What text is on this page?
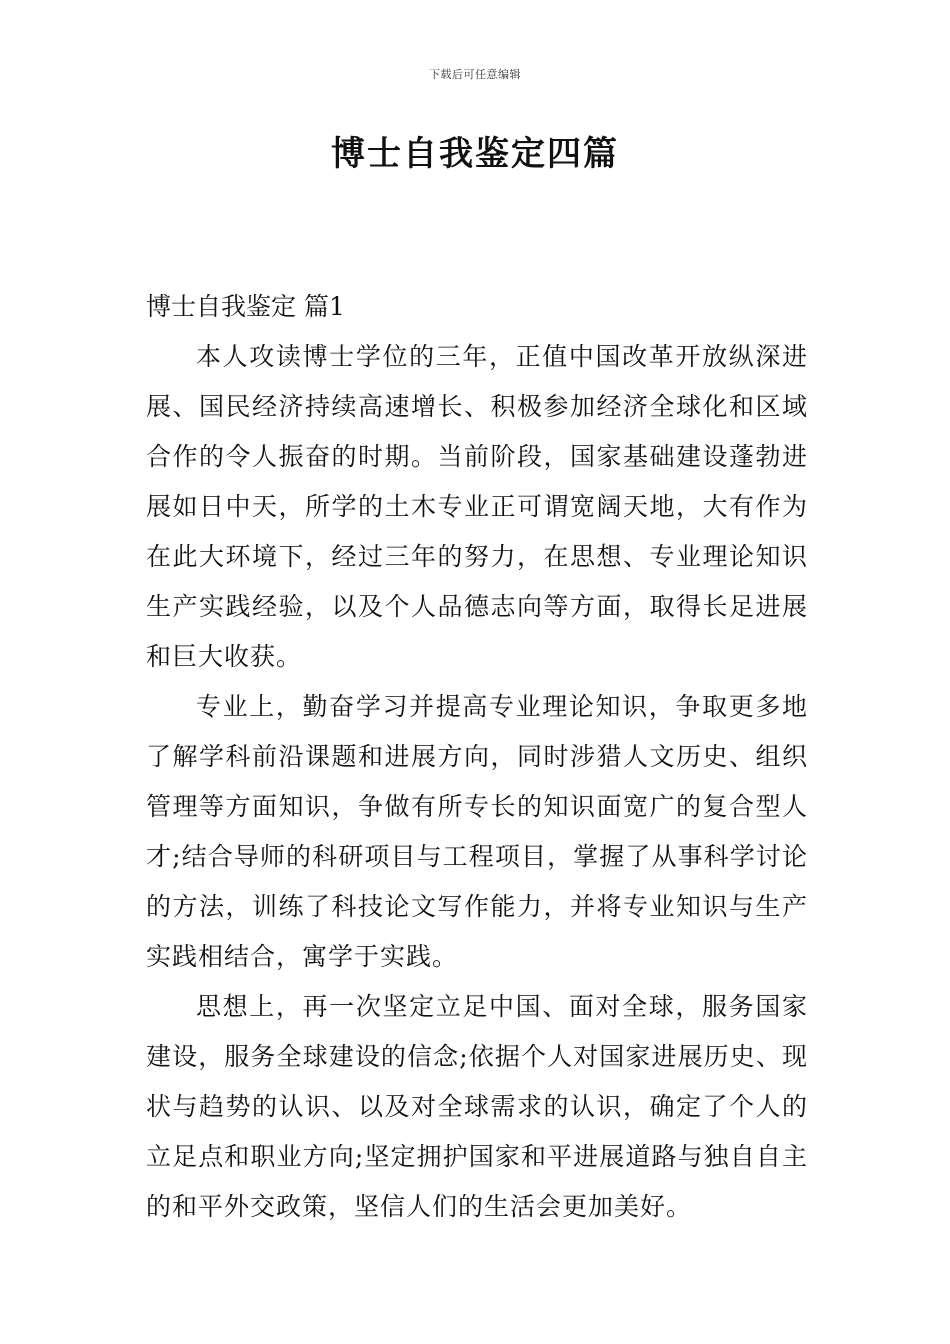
下载后可任意编辑
博士自我鉴定四篇
博士自我鉴定 篇1

本人攻读博士学位的三年，正值中国改革开放纵深进展、国民经济持续高速增长、积极参加经济全球化和区域合作的令人振奋的时期。当前阶段，国家基础建设蓬勃进展如日中天，所学的土木专业正可谓宽阔天地，大有作为在此大环境下，经过三年的努力，在思想、专业理论知识 生产实践经验，以及个人品德志向等方面，取得长足进展和巨大收获。

专业上，勤奋学习并提高专业理论知识，争取更多地了解学科前沿课题和进展方向，同时涉猎人文历史、组织管理等方面知识，争做有所专长的知识面宽广的复合型人才;结合导师的科研项目与工程项目，掌握了从事科学讨论的方法，训练了科技论文写作能力，并将专业知识与生产实践相结合，寓学于实践。

思想上，再一次坚定立足中国、面对全球，服务国家建设，服务全球建设的信念;依据个人对国家进展历史、现状与趋势的认识、以及对全球需求的认识，确定了个人的立足点和职业方向;坚定拥护国家和平进展道路与独自自主的和平外交政策，坚信人们的生活会更加美好。
